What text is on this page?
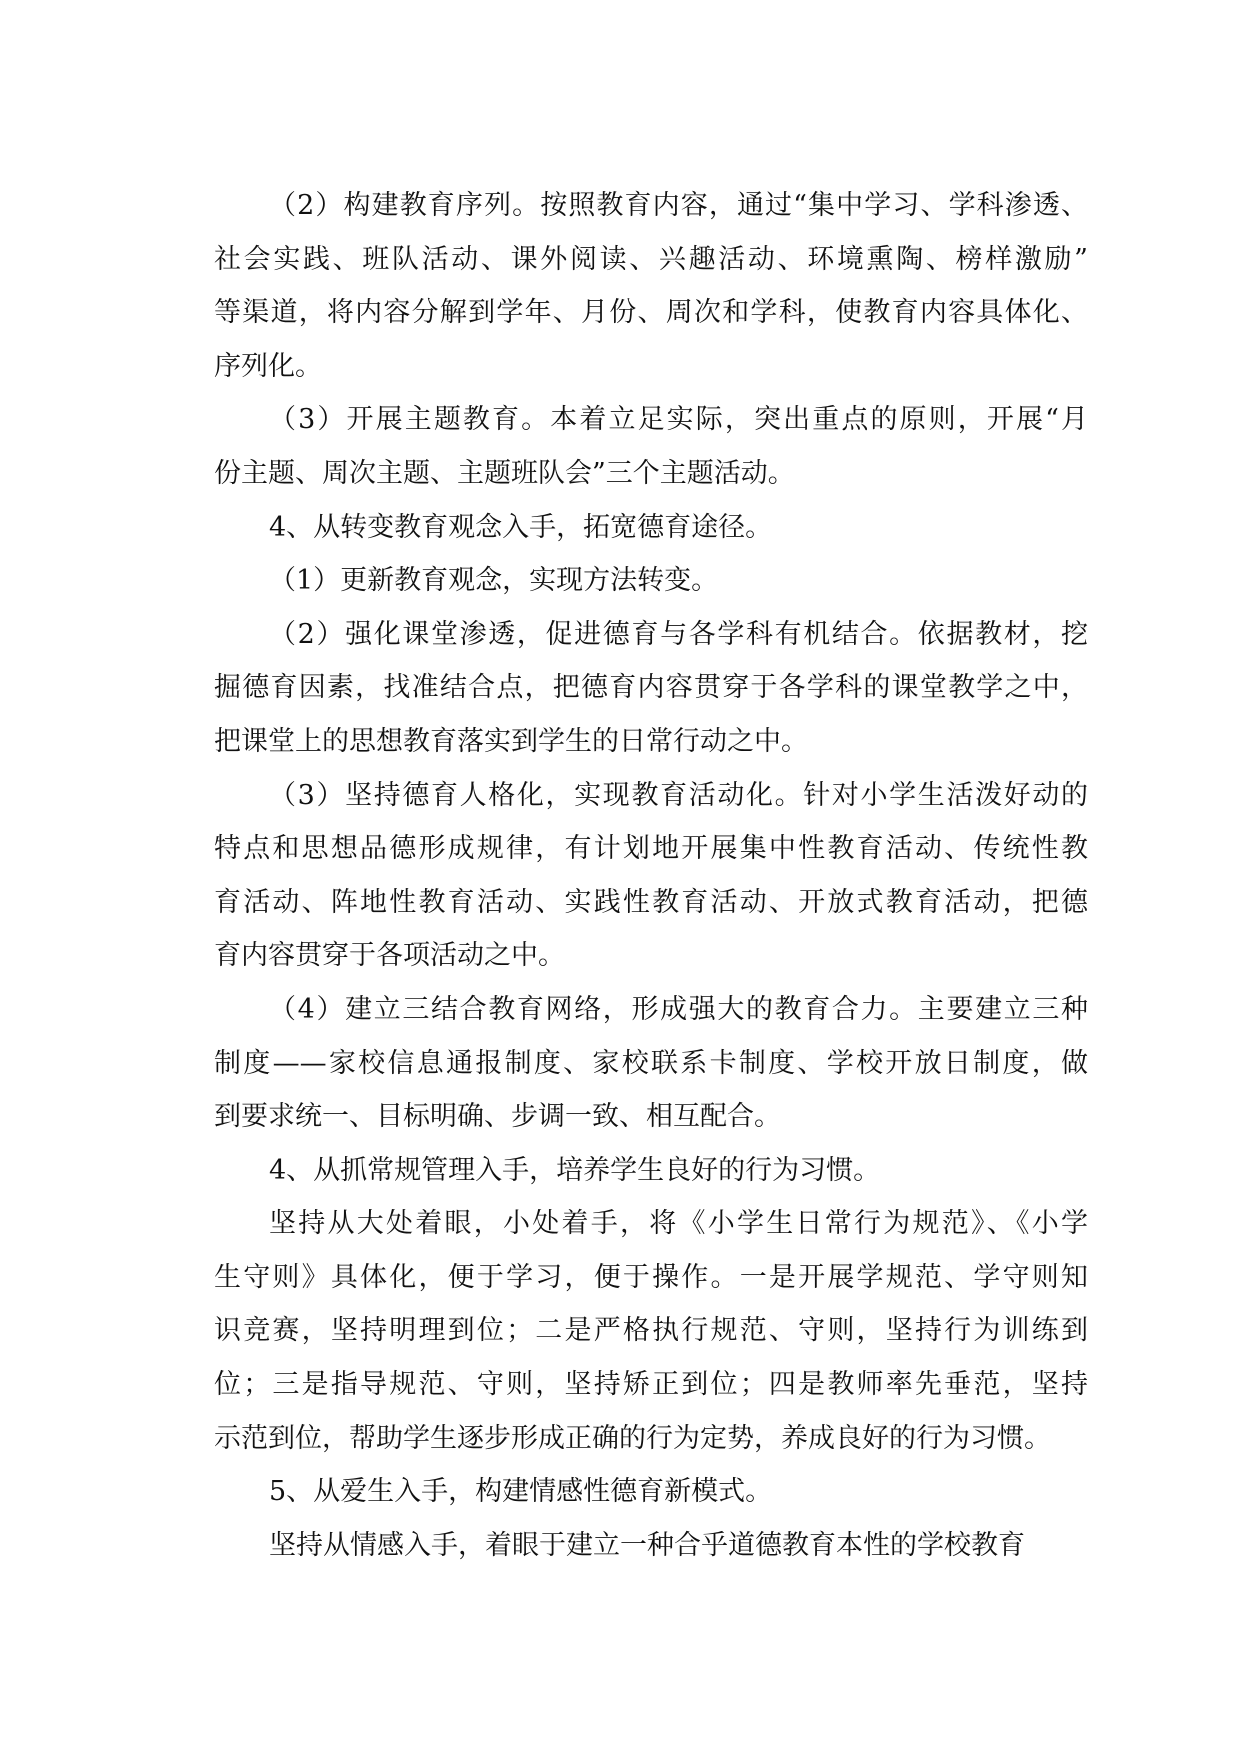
（2）构建教育序列。按照教育内容，通过“集中学习、学科渗透、
社会实践、班队活动、课外阅读、兴趣活动、环境熏陶、榜样激励”
等渠道，将内容分解到学年、月份、周次和学科，使教育内容具体化、
序列化。
（3）开展主题教育。本着立足实际，突出重点的原则，开展“月
份主题、周次主题、主题班队会”三个主题活动。
4、从转变教育观念入手，拓宽德育途径。
（1）更新教育观念，实现方法转变。
（2）强化课堂渗透，促进德育与各学科有机结合。依据教材，挖
掘德育因素，找准结合点，把德育内容贯穿于各学科的课堂教学之中，
把课堂上的思想教育落实到学生的日常行动之中。
（3）坚持德育人格化，实现教育活动化。针对小学生活泼好动的
特点和思想品德形成规律，有计划地开展集中性教育活动、传统性教
育活动、阵地性教育活动、实践性教育活动、开放式教育活动，把德
育内容贯穿于各项活动之中。
（4）建立三结合教育网络，形成强大的教育合力。主要建立三种
制度——家校信息通报制度、家校联系卡制度、学校开放日制度，做
到要求统一、目标明确、步调一致、相互配合。
4、从抓常规管理入手，培养学生良好的行为习惯。
坚持从大处着眼，小处着手，将《小学生日常行为规范》、《小学
生守则》具体化，便于学习，便于操作。一是开展学规范、学守则知
识竞赛，坚持明理到位；二是严格执行规范、守则，坚持行为训练到
位；三是指导规范、守则，坚持矫正到位；四是教师率先垂范，坚持
示范到位，帮助学生逐步形成正确的行为定势，养成良好的行为习惯。
5、从爱生入手，构建情感性德育新模式。
坚持从情感入手，着眼于建立一种合乎道德教育本性的学校教育
